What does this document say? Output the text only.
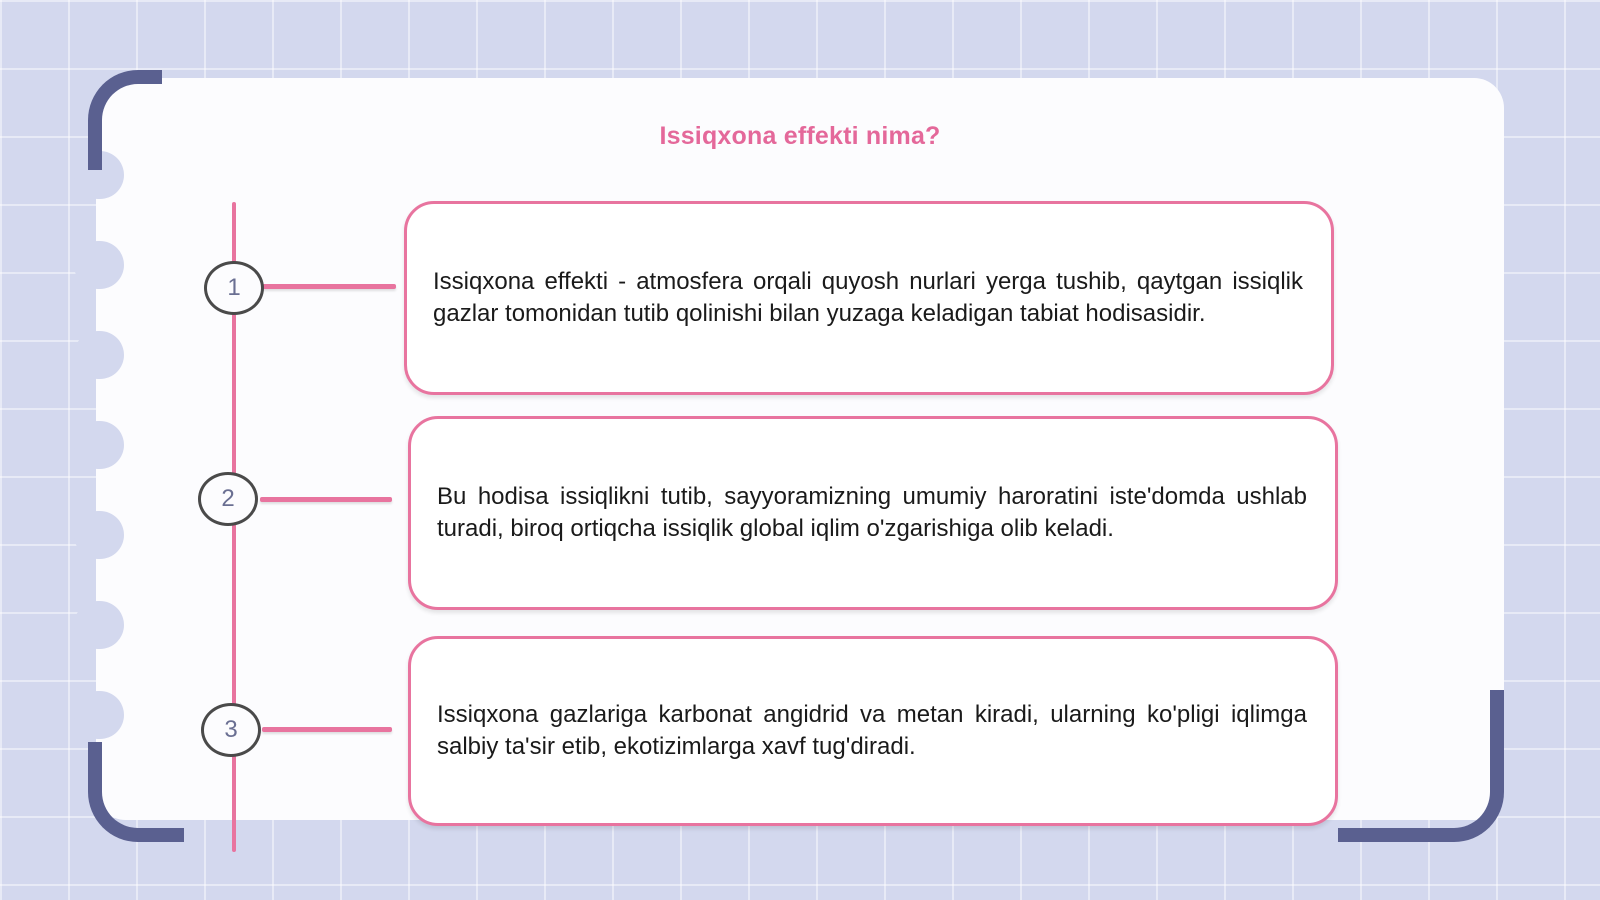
Issiqxona effekti nima?
1	Issiqxona effekti - atmosfera orqali quyosh nurlari yerga tushib, qaytgan issiqlik gazlar tomonidan tutib qolinishi bilan yuzaga keladigan tabiat hodisasidir.

2	Bu hodisa issiqlikni tutib, sayyoramizning umumiy haroratini iste'domda ushlab turadi, biroq ortiqcha issiqlik global iqlim o'zgarishiga olib keladi.

3

Issiqxona gazlariga karbonat angidrid va metan kiradi, ularning ko'pligi iqlimga salbiy ta'sir etib, ekotizimlarga xavf tug'diradi.
